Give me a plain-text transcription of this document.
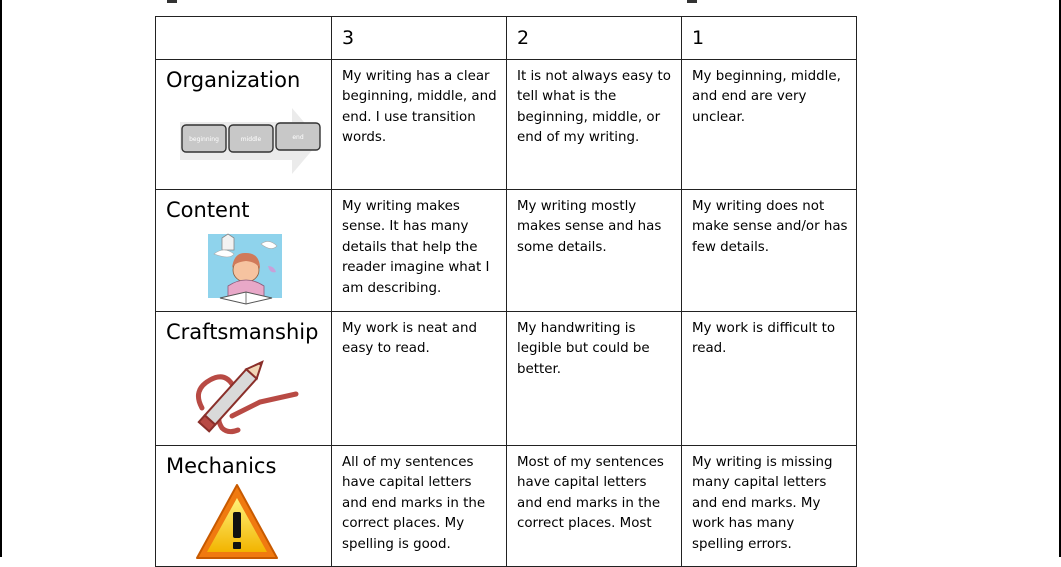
	3	2	1

Organization
beginning middle end	My writing has a clear beginning, middle, and end. I use transition words.	It is not always easy to tell what is the beginning, middle, or end of my writing.	My beginning, middle, and end are very unclear.

Content	My writing makes sense. It has many details that help the reader imagine what I am describing.	My writing mostly makes sense and has some details.	My writing does not make sense and/or has few details.

Craftsmanship	My work is neat and easy to read.	My handwriting is legible but could be better.	My work is difficult to read.

Mechanics	All of my sentences have capital letters and end marks in the correct places. My spelling is good.	Most of my sentences have capital letters and end marks in the correct places. Most	My writing is missing many capital letters and end marks. My work has many spelling errors.
